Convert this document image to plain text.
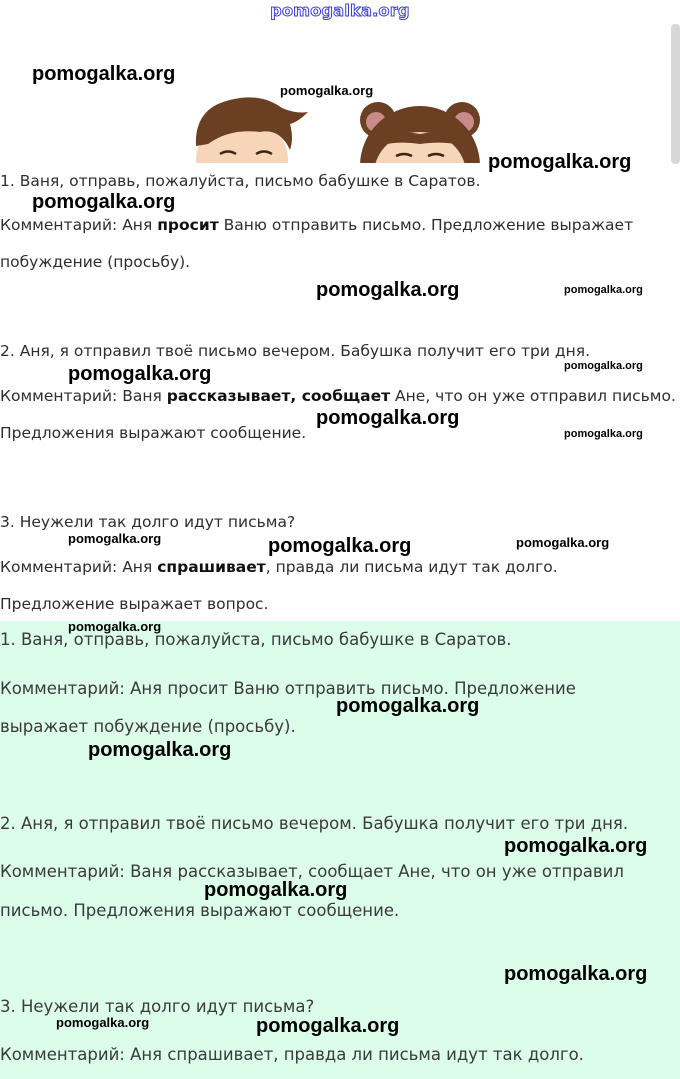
pomogalka.org
1. Ваня, отправь, пожалуйста, письмо бабушке в Саратов.
Комментарий: Аня просит Ваню отправить письмо. Предложение выражает
побуждение (просьбу).
2. Аня, я отправил твоё письмо вечером. Бабушка получит его три дня.
Комментарий: Ваня рассказывает, сообщает Ане, что он уже отправил письмо.
Предложения выражают сообщение.
3. Неужели так долго идут письма?
Комментарий: Аня спрашивает, правда ли письма идут так долго.
Предложение выражает вопрос.
1. Ваня, отправь, пожалуйста, письмо бабушке в Саратов.
Комментарий: Аня просит Ваню отправить письмо. Предложение
выражает побуждение (просьбу).
2. Аня, я отправил твоё письмо вечером. Бабушка получит его три дня.
Комментарий: Ваня рассказывает, сообщает Ане, что он уже отправил
письмо. Предложения выражают сообщение.
3. Неужели так долго идут письма?
Комментарий: Аня спрашивает, правда ли письма идут так долго.
pomogalka.org
pomogalka.org
pomogalka.org
pomogalka.org
pomogalka.org	pomogalka.org
pomogalka.org
pomogalka.org
pomogalka.org
pomogalka.org
pomogalka.org	pomogalka.org	pomogalka.org
pomogalka.org
pomogalka.org
pomogalka.org
pomogalka.org
pomogalka.org
pomogalka.org
pomogalka.org	pomogalka.org
